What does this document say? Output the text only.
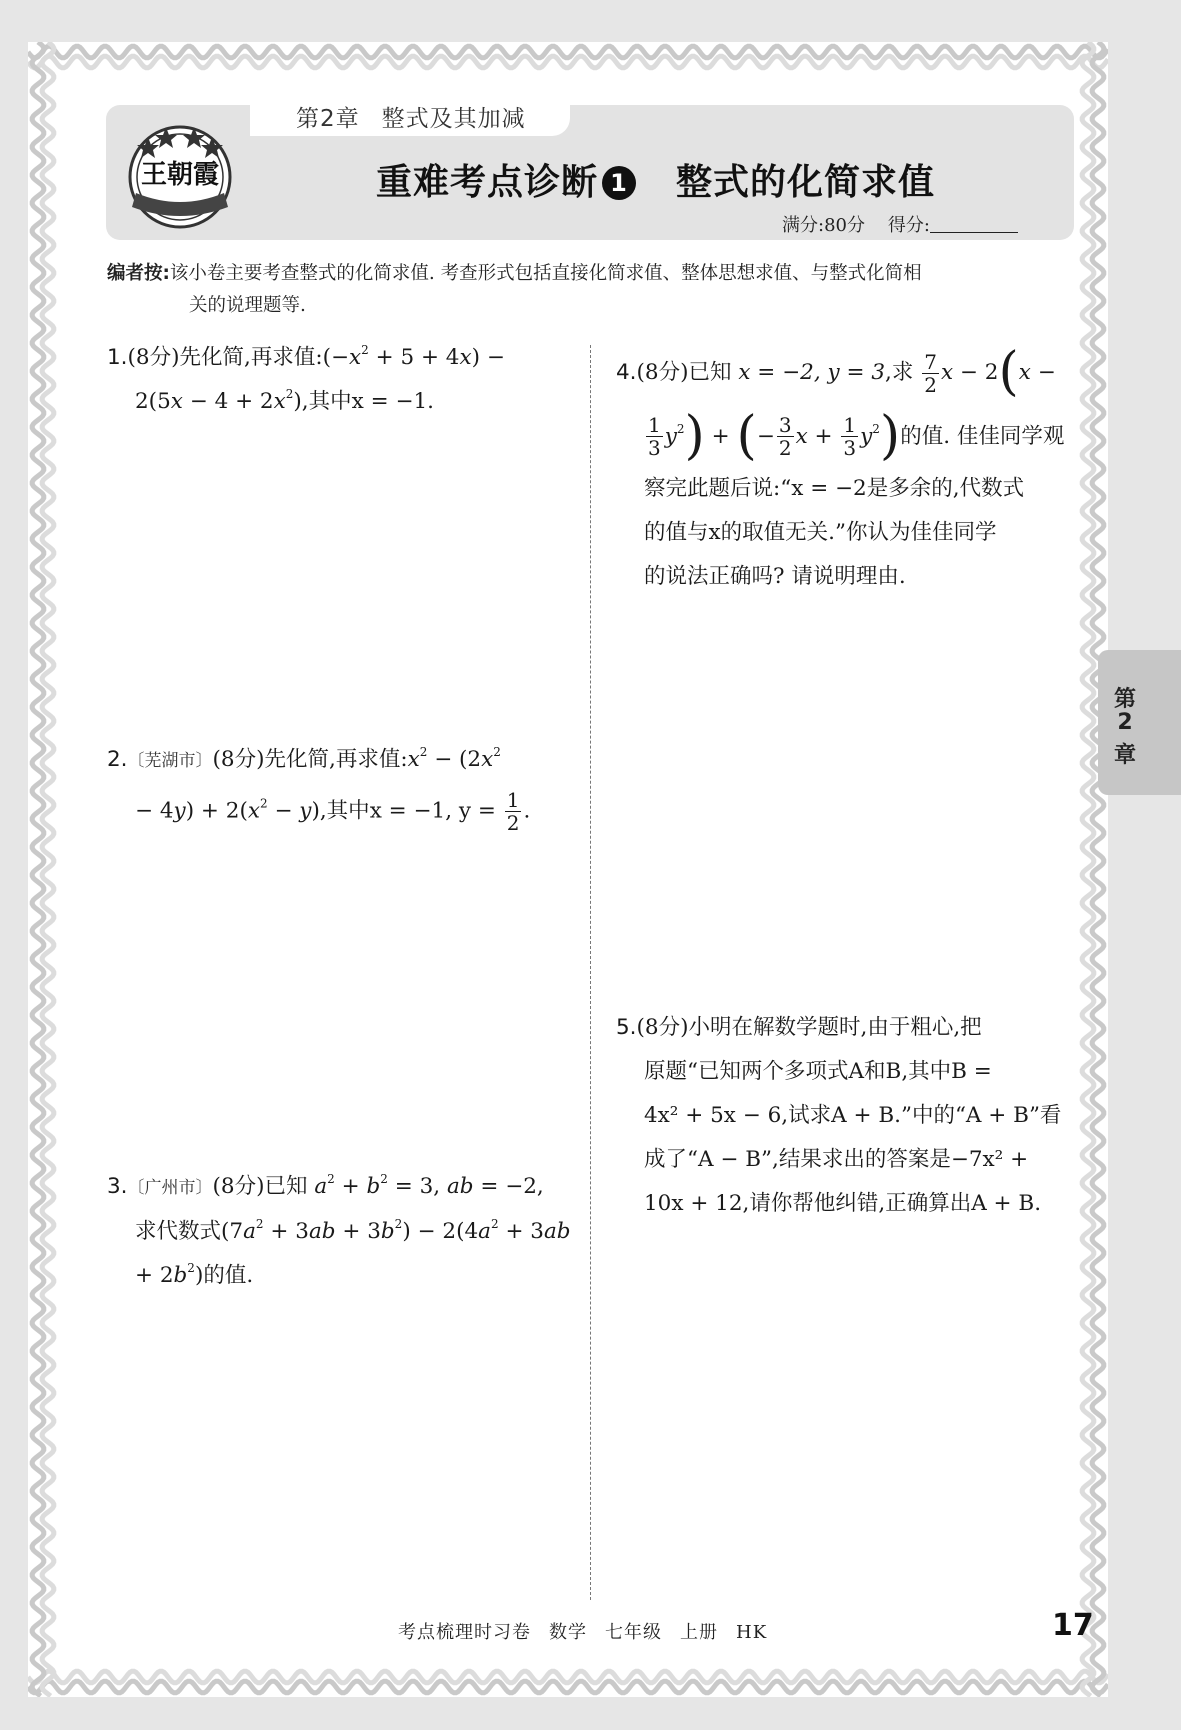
第2章 整式及其加减
王朝霞	重难考点诊断 1 整式的化简求值
满分:80分 得分:
编者按:该小卷主要考查整式的化简求值. 考查形式包括直接化简求值、整体思想求值、与整式化简相
关的说理题等.
1.(8分)先化简,再求值$:(-x^2 + 5 + 4x)$ −
$2(5x - 4 + 2x^2)$,其中x = −1.
2.〔芜湖市〕(8分)先化简,再求值$:x^2 - (2x^2$
− $4y) + 2(x^2 - y)$,其中x = −1, $y = \frac{1}{2}$ .
3.〔广州市〕(8分)已知 $a^2 + b^2 = 3$, ab = −2,
求代数式$(7a^2 + 3ab + 3b^2) - 2(4a^2 + 3ab$
+ $2b^2$)的值.
4.(8分)已知 x = −2, y = 3,求 $\frac{7}{2}$ x − 2(x −
$\frac{1}{3} y^2$) + (− $\frac{3}{2}$ $x + \frac{1}{3} y^2$)的值. 佳佳同学观
察完此题后说:“x = −2是多余的,代数式
的值与x的取值无关.”你认为佳佳同学
的说法正确吗? 请说明理由.
5.(8分)小明在解数学题时,由于粗心,把
原题“已知两个多项式A和B,其中B =
4x² + 5x − 6,试求A + B.”中的“A + B”看
成了“A − B”,结果求出的答案是−7x² +
10x + 12,请你帮他纠错,正确算出A + B.
第
2
章
考点梳理时习卷 数学 七年级 上册 HK	17
